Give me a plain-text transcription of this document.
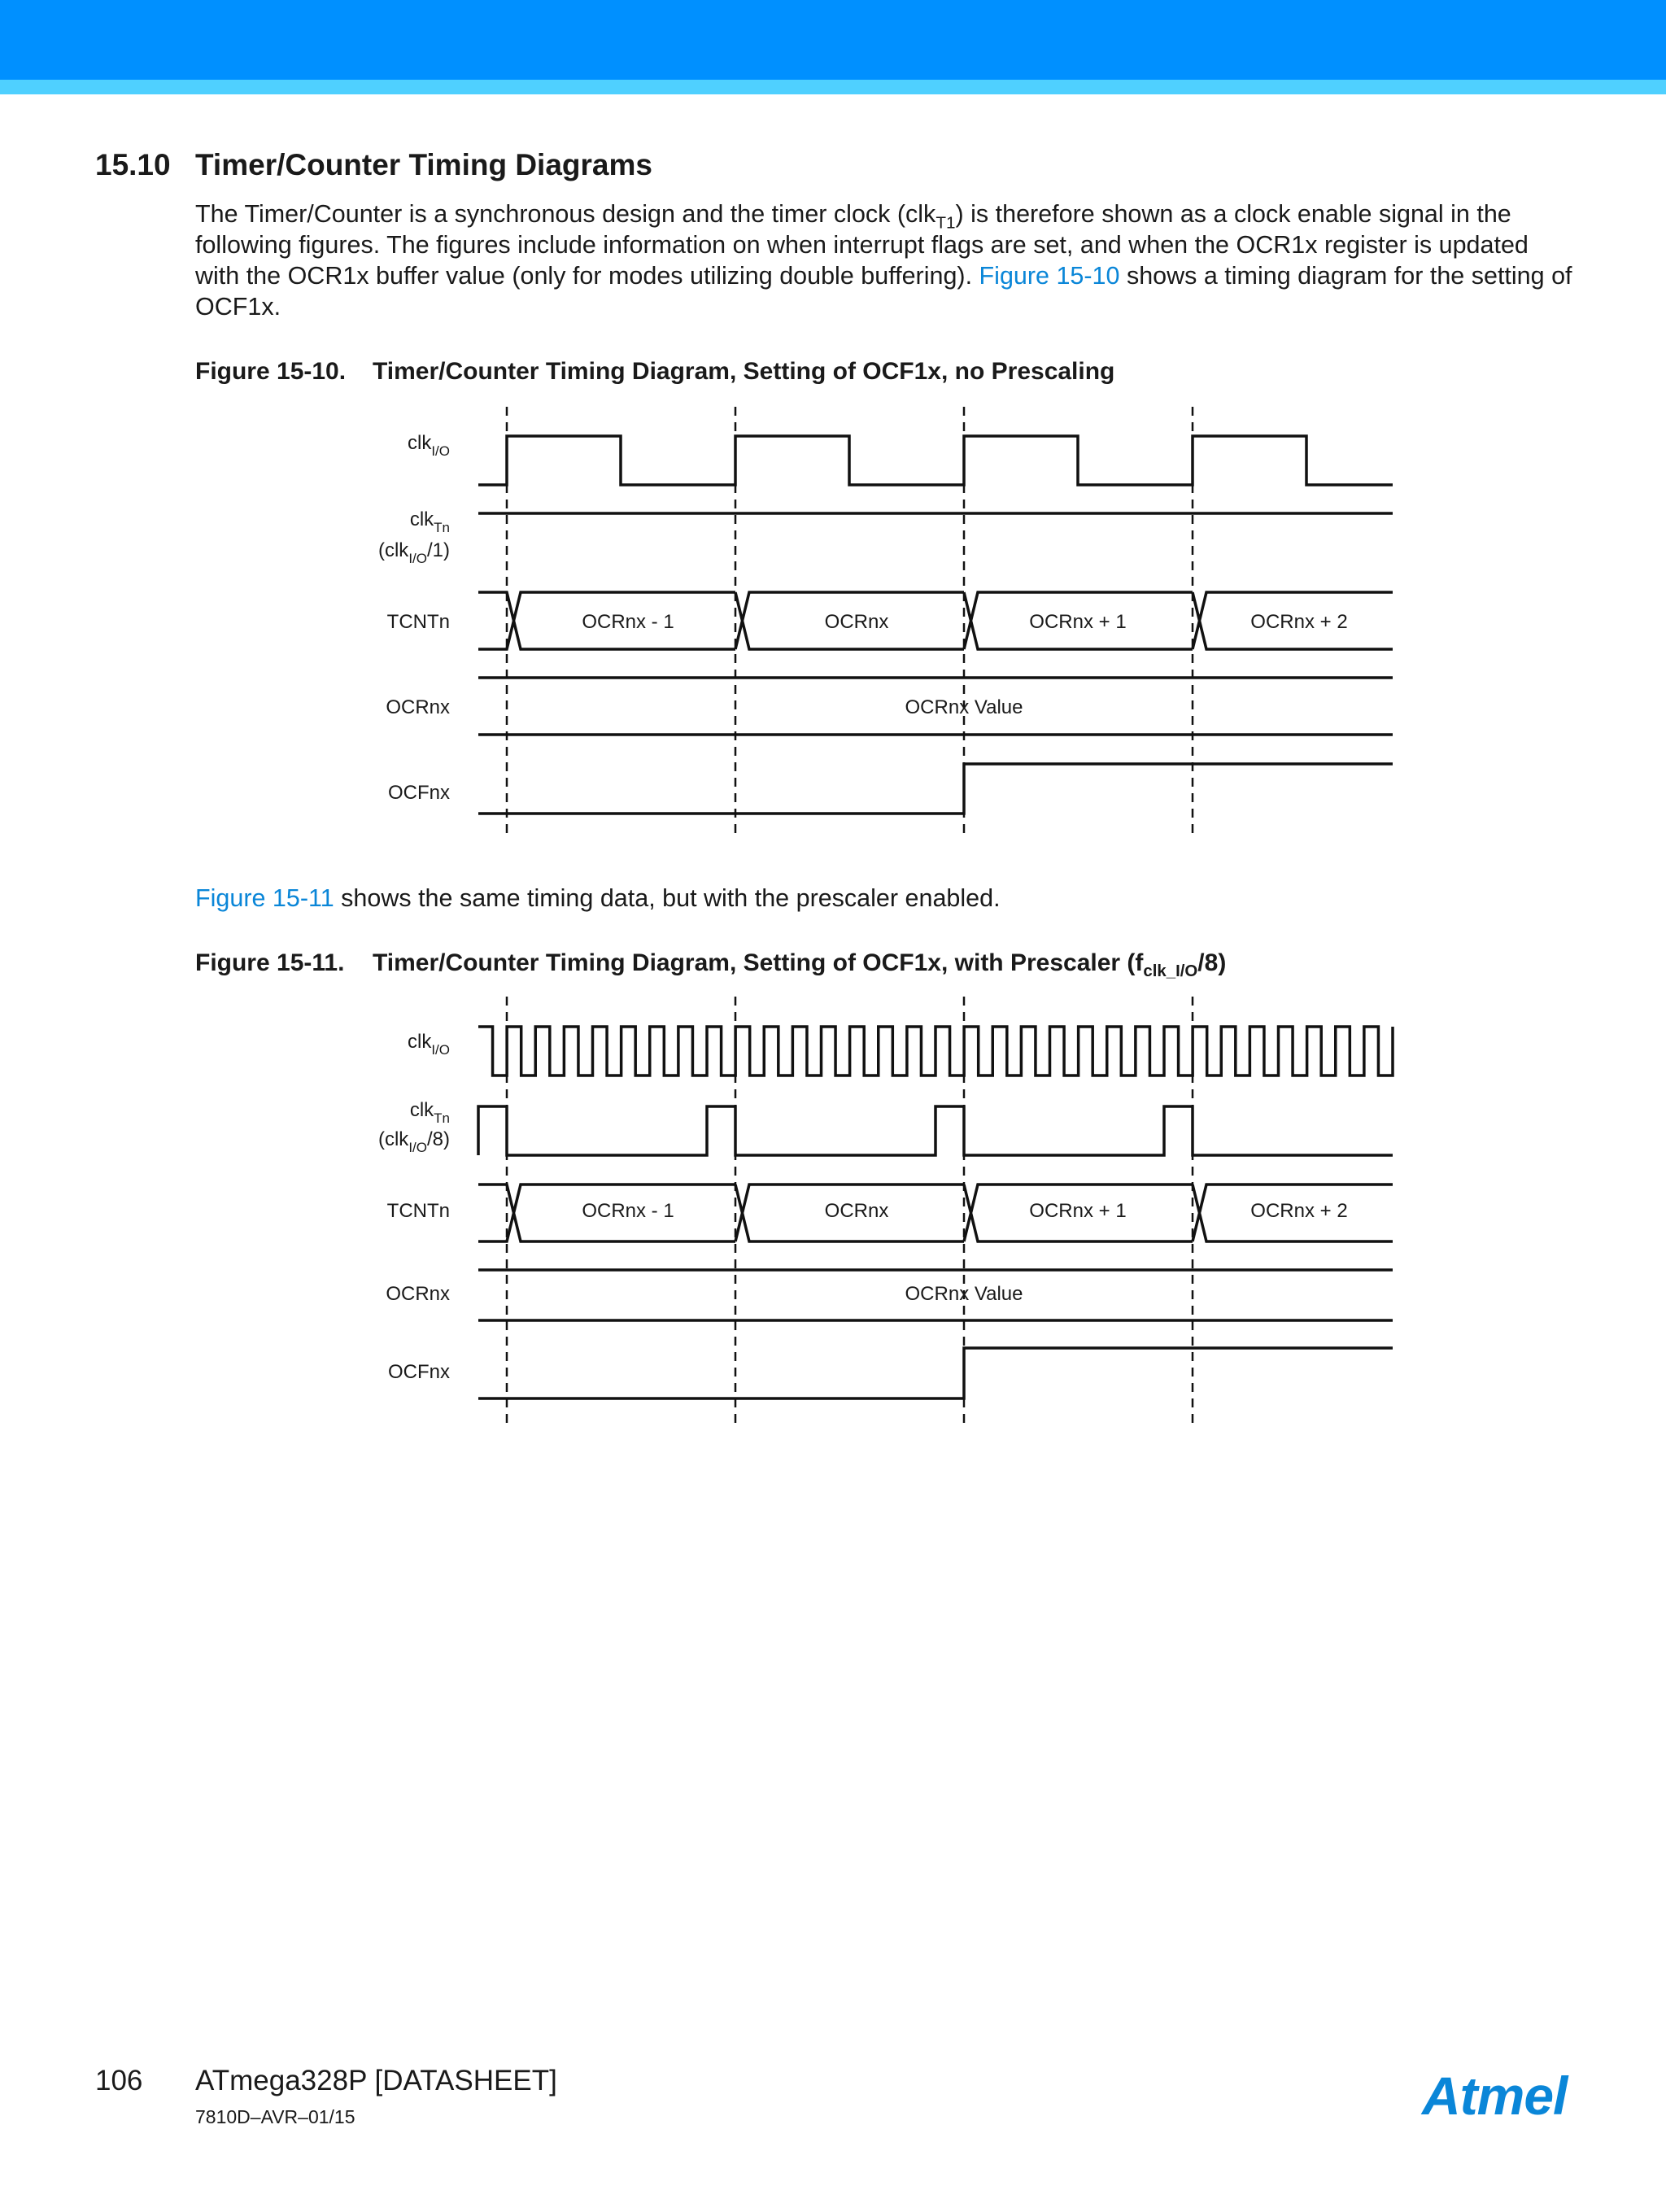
15.10 Timer/Counter Timing Diagrams

The Timer/Counter is a synchronous design and the timer clock (clk$_{T1}$) is therefore shown as a clock enable signal in the following figures. The figures include information on when interrupt flags are set, and when the OCR1x register is updated with the OCR1x buffer value (only for modes utilizing double buffering). Figure 15-10 shows a timing diagram for the setting of OCF1x.

Figure 15-10. Timer/Counter Timing Diagram, Setting of OCF1x, no Prescaling
clk$_{I/O}$
clk$_{Tn}$
(clk$_{I/O}$/1)
TCNTn
OCRnx
OCFnx
OCRnx - 1	OCRnx	OCRnx + 1	OCRnx + 2
OCRnx Value

Figure 15-11 shows the same timing data, but with the prescaler enabled.

Figure 15-11. Timer/Counter Timing Diagram, Setting of OCF1x, with Prescaler $(f_{clk\_I/O}/8)$
clk$_{I/O}$
clk$_{Tn}$
(clk$_{I/O}$/8)
TCNTn
OCRnx
OCFnx
OCRnx - 1	OCRnx	OCRnx + 1	OCRnx + 2
OCRnx Value
106 ATmega328P [DATASHEET]
7810D–AVR–01/15	Atmel
